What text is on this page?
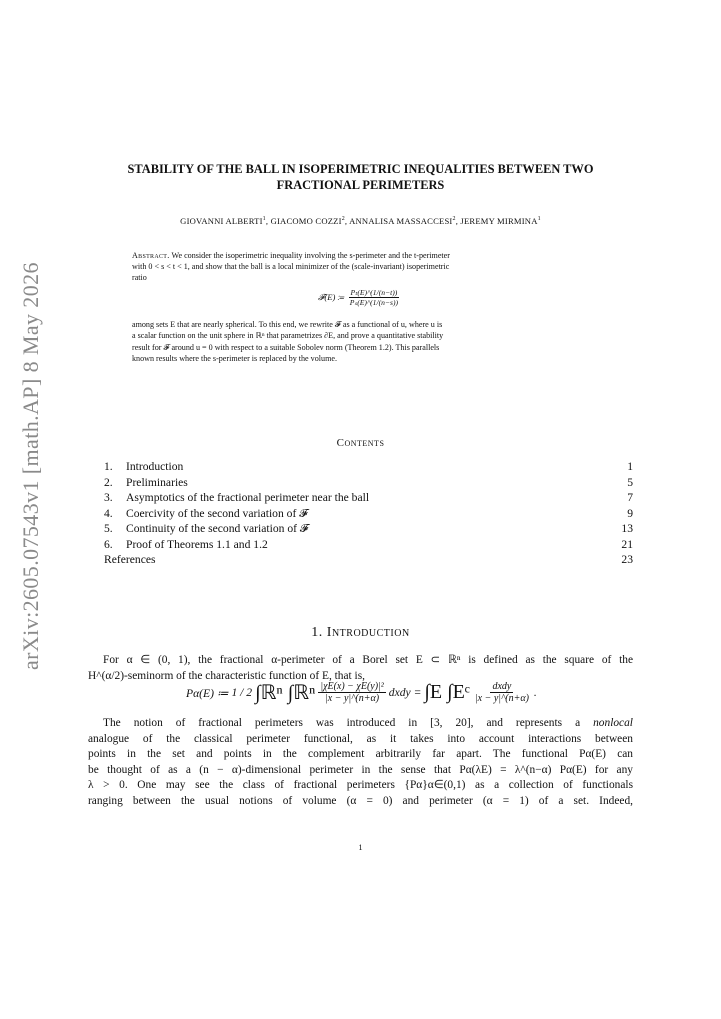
arXiv:2605.07543v1 [math.AP] 8 May 2026
STABILITY OF THE BALL IN ISOPERIMETRIC INEQUALITIES BETWEEN TWO
FRACTIONAL PERIMETERS
GIOVANNI ALBERTI$^1$, GIACOMO COZZI$^2$, ANNALISA MASSACCESI$^2$, JEREMY MIRMINA$^1$
Abstract. We consider the isoperimetric inequality involving the s-perimeter and the t-perimeter
with 0 < s < t < 1, and show that the ball is a local minimizer of the (scale-invariant) isoperimetric
ratio
𝓕(E) ≔ $\frac{\text{Pₜ(E)\textasciicircum{}(1/(n−t))}}{\text{Pₛ(E)\textasciicircum{}(1/(n−s))}}$
among sets E that are nearly spherical. To this end, we rewrite 𝓕 as a functional of u, where u is
a scalar function on the unit sphere in ℝⁿ that parametrizes ∂E, and prove a quantitative stability
result for 𝓕 around u = 0 with respect to a suitable Sobolev norm (Theorem 1.2). This parallels
known results where the s-perimeter is replaced by the volume.
Contents
1. Introduction	1
2. Preliminaries	5
3. Asymptotics of the fractional perimeter near the ball	7
4. Coercivity of the second variation of 𝓕	9
5. Continuity of the second variation of 𝓕	13
6. Proof of Theorems 1.1 and 1.2	21
References	23
1. Introduction
For α ∈ (0, 1), the fractional α-perimeter of a Borel set E ⊂ ℝⁿ is defined as the square of the
H^(α/2)-seminorm of the characteristic function of E, that is,
Pα(E) ≔ 1 / 2 ∫ℝⁿ ∫ℝⁿ $\frac{\text{|χE(x) − χE(y)|²}}{|x - y|\^{}(n+\alpha)}$ dxdy = ∫E ∫Eᶜ $\frac{\text{dxdy}}{|x - y|\^{}(n+\alpha)}$ .
The notion of fractional perimeters was introduced in [3, 20], and represents a nonlocal
analogue of the classical perimeter functional, as it takes into account interactions between
points in the set and points in the complement arbitrarily far apart. The functional Pα(E) can
be thought of as a (n − α)-dimensional perimeter in the sense that Pα(λE) = λ^(n−α) Pα(E) for any
λ > 0. One may see the class of fractional perimeters {Pα}α∈(0,1) as a collection of functionals
ranging between the usual notions of volume (α = 0) and perimeter (α = 1) of a set. Indeed,
1
